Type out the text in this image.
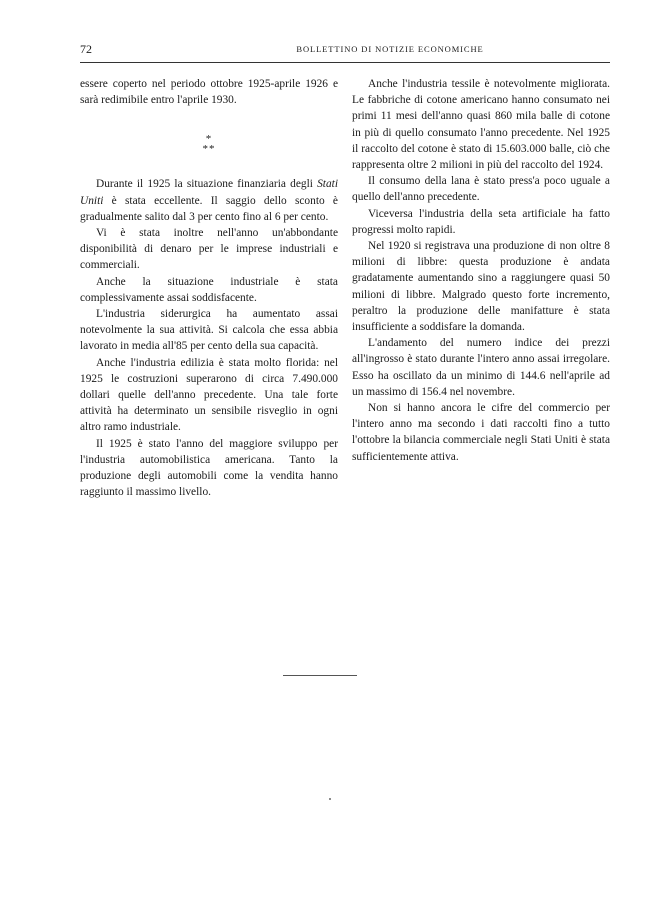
72	BOLLETTINO DI NOTIZIE ECONOMICHE

essere coperto nel periodo ottobre 1925-aprile 1926 e sarà redimibile entro l'aprile 1930.

*
**

Durante il 1925 la situazione finanziaria degli Stati Uniti è stata eccellente. Il saggio dello sconto è gradualmente salito dal 3 per cento fino al 6 per cento.

Vi è stata inoltre nell'anno un'abbondante disponibilità di denaro per le imprese industriali e commerciali.

Anche la situazione industriale è stata complessivamente assai soddisfacente.

L'industria siderurgica ha aumentato assai notevolmente la sua attività. Si calcola che essa abbia lavorato in media all'85 per cento della sua capacità.

Anche l'industria edilizia è stata molto florida: nel 1925 le costruzioni superarono di circa 7.490.000 dollari quelle dell'anno precedente. Una tale forte attività ha determinato un sensibile risveglio in ogni altro ramo industriale.

Il 1925 è stato l'anno del maggiore sviluppo per l'industria automobilistica americana. Tanto la produzione degli automobili come la vendita hanno raggiunto il massimo livello.

Anche l'industria tessile è notevolmente migliorata. Le fabbriche di cotone americano hanno consumato nei primi 11 mesi dell'anno quasi 860 mila balle di cotone in più di quello consumato l'anno precedente. Nel 1925 il raccolto del cotone è stato di 15.603.000 balle, ciò che rappresenta oltre 2 milioni in più del raccolto del 1924.

Il consumo della lana è stato press'a poco uguale a quello dell'anno precedente.

Viceversa l'industria della seta artificiale ha fatto progressi molto rapidi.

Nel 1920 si registrava una produzione di non oltre 8 milioni di libbre: questa produzione è andata gradatamente aumentando sino a raggiungere quasi 50 milioni di libbre. Malgrado questo forte incremento, peraltro la produzione delle manifatture è stata insufficiente a soddisfare la domanda.

L'andamento del numero indice dei prezzi all'ingrosso è stato durante l'intero anno assai irregolare. Esso ha oscillato da un minimo di 144.6 nell'aprile ad un massimo di 156.4 nel novembre.

Non si hanno ancora le cifre del commercio per l'intero anno ma secondo i dati raccolti fino a tutto l'ottobre la bilancia commerciale negli Stati Uniti è stata sufficientemente attiva.
